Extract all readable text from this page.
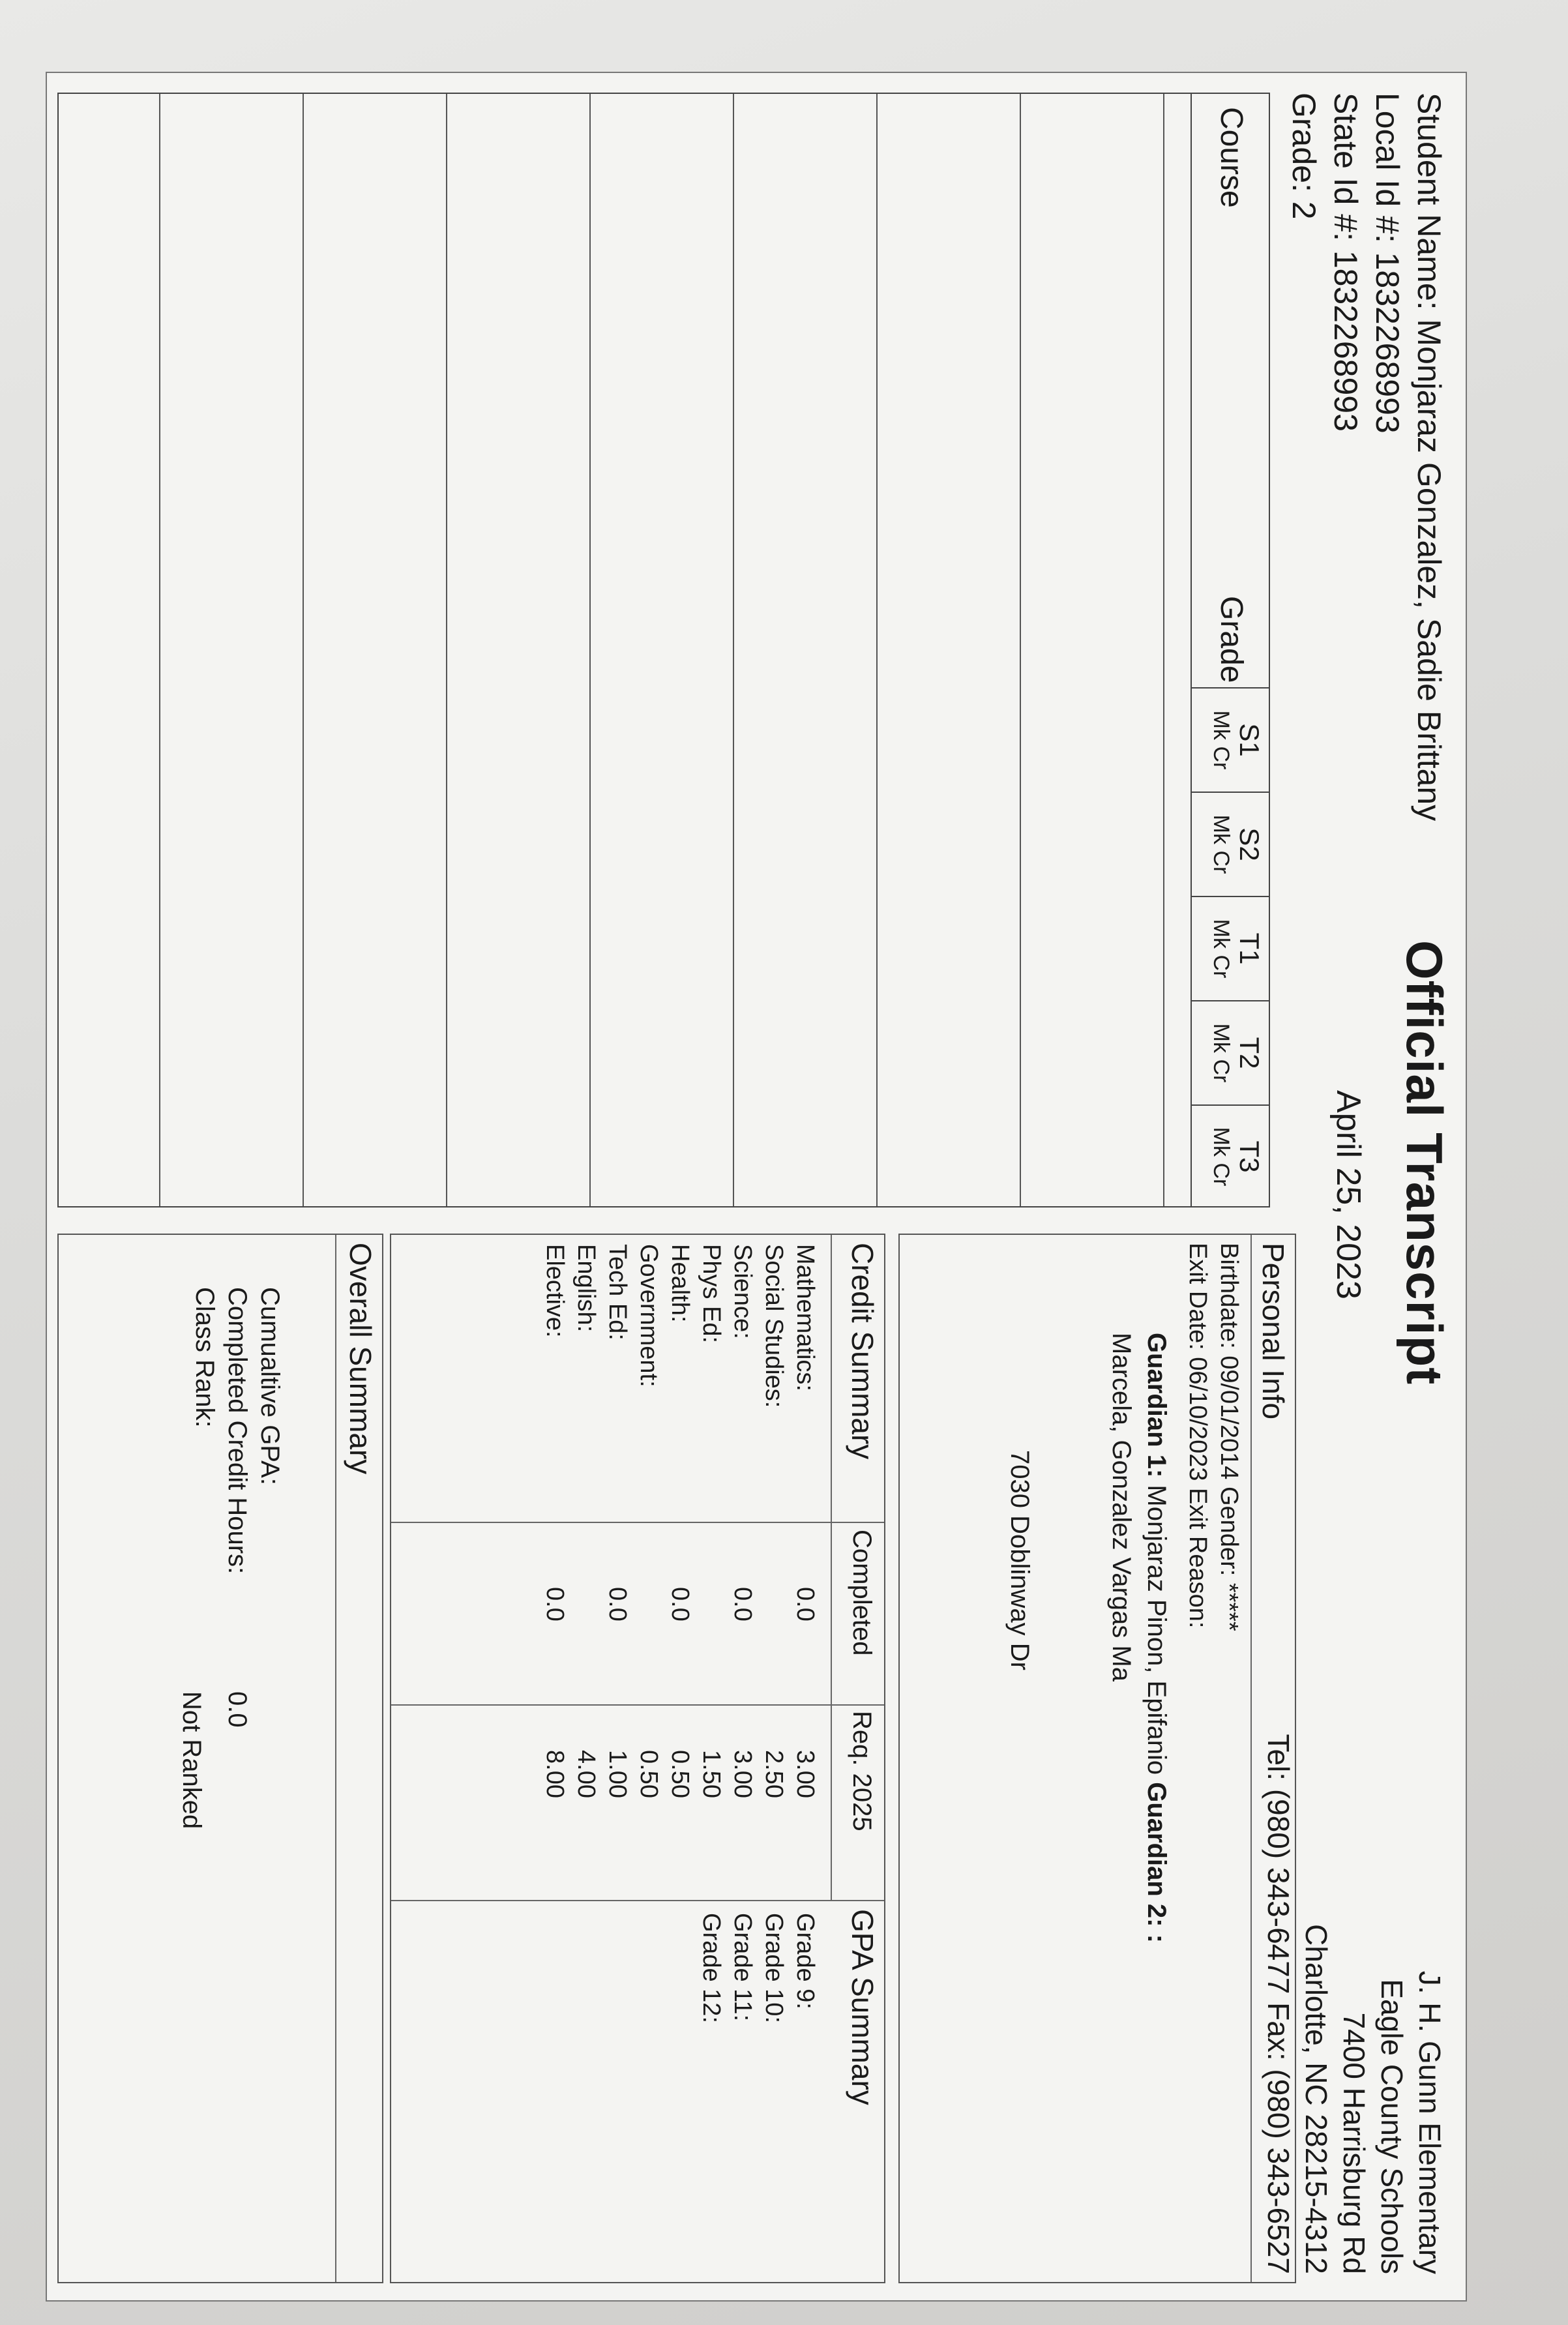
Student Name: Monjaraz Gonzalez, Sadie Brittany
Local Id #: 1832268993
State Id #: 1832268993
Grade: 2
Official Transcript
April 25, 2023
J. H. Gunn Elementary
Eagle County Schools
7400 Harrisburg Rd
Charlotte, NC 28215-4312
Tel: (980) 343-6477 Fax: (980) 343-6527
Course
Grade
S1
Mk Cr
S2
Mk Cr
T1
Mk Cr
T2
Mk Cr
T3
Mk Cr
Personal Info
Birthdate: 09/01/2014 Gender: *****
Exit Date: 06/10/2023 Exit Reason:
Guardian 1: Monjaraz Pinon, Epifanio Guardian 2: :
Marcela, Gonzalez Vargas Ma
7030 Doblinway Dr
Credit Summary
Completed
Req. 2025
GPA Summary
Mathematics:
Social Studies:
Science:
Phys Ed:
Health:
Government:
Tech Ed:
English:
Elective:
0.0
0.0
0.0
0.0
0.0
3.00
2.50
3.00
1.50
0.50
0.50
1.00
4.00
8.00
Grade 9:
Grade 10:
Grade 11:
Grade 12:
Overall Summary
Cumualtive GPA:
Completed Credit Hours:
0.0
Class Rank:
Not Ranked
